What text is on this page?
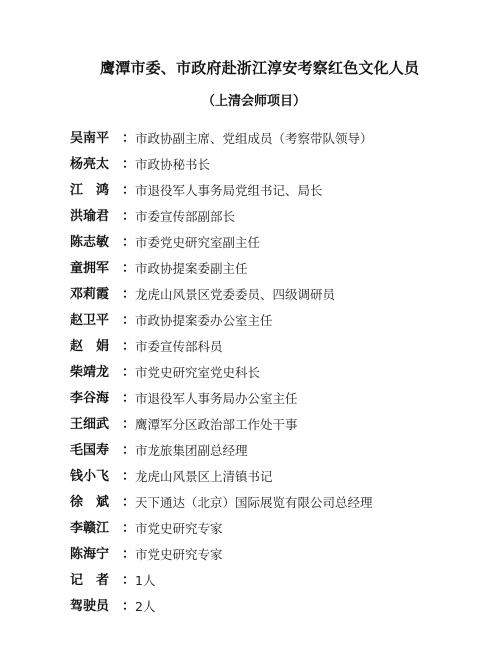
鹰潭市委、市政府赴浙江淳安考察红色文化人员
（上清会师项目）
吴南平 ： 市政协副主席、党组成员（考察带队领导）
杨亮太 ： 市政协秘书长
江　鸿 ： 市退役军人事务局党组书记、局长
洪瑜君 ： 市委宣传部副部长
陈志敏 ： 市委党史研究室副主任
童拥军 ： 市政协提案委副主任
邓莉霞 ： 龙虎山风景区党委委员、四级调研员
赵卫平 ： 市政协提案委办公室主任
赵　娟 ： 市委宣传部科员
柴靖龙 ： 市党史研究室党史科长
李谷海 ： 市退役军人事务局办公室主任
王细武 ： 鹰潭军分区政治部工作处干事
毛国寿 ： 市龙旅集团副总经理
钱小飞 ： 龙虎山风景区上清镇书记
徐　斌 ： 天下通达（北京）国际展览有限公司总经理
李赣江 ： 市党史研究专家
陈海宁 ： 市党史研究专家
记　者 ： 1人
驾驶员 ： 2人
